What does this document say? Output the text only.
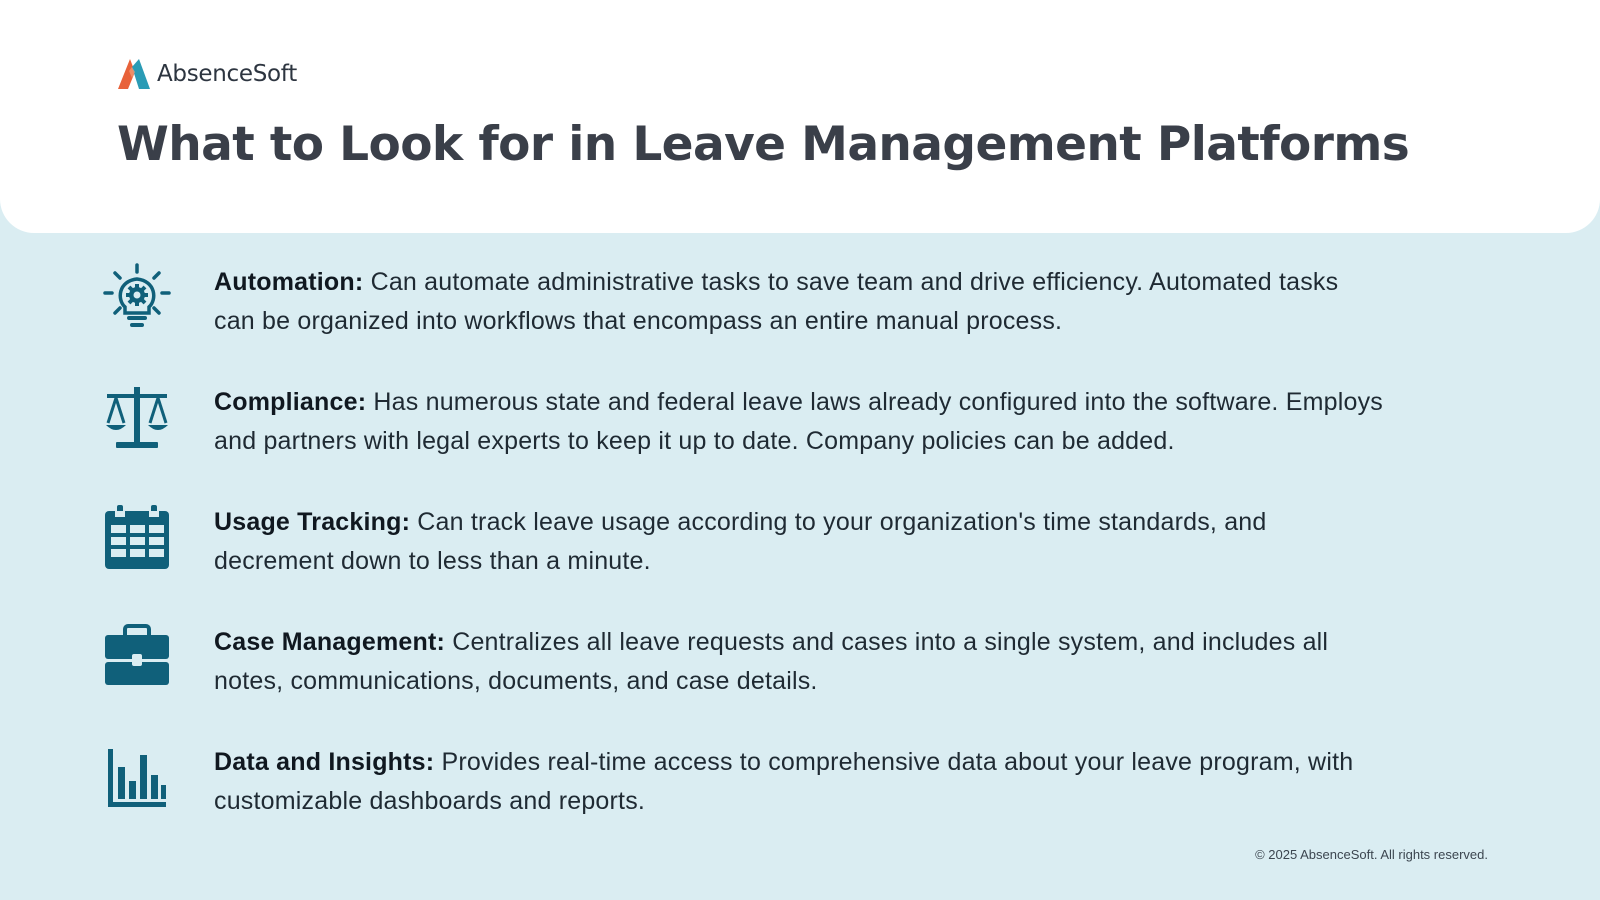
AbsenceSoft
What to Look for in Leave Management Platforms
Automation: Can automate administrative tasks to save team and drive efficiency. Automated tasks can be organized into workflows that encompass an entire manual process.
Compliance: Has numerous state and federal leave laws already configured into the software. Employs and partners with legal experts to keep it up to date. Company policies can be added.
Usage Tracking: Can track leave usage according to your organization's time standards, and decrement down to less than a minute.
Case Management: Centralizes all leave requests and cases into a single system, and includes all notes, communications, documents, and case details.
Data and Insights: Provides real-time access to comprehensive data about your leave program, with customizable dashboards and reports.
© 2025 AbsenceSoft. All rights reserved.
